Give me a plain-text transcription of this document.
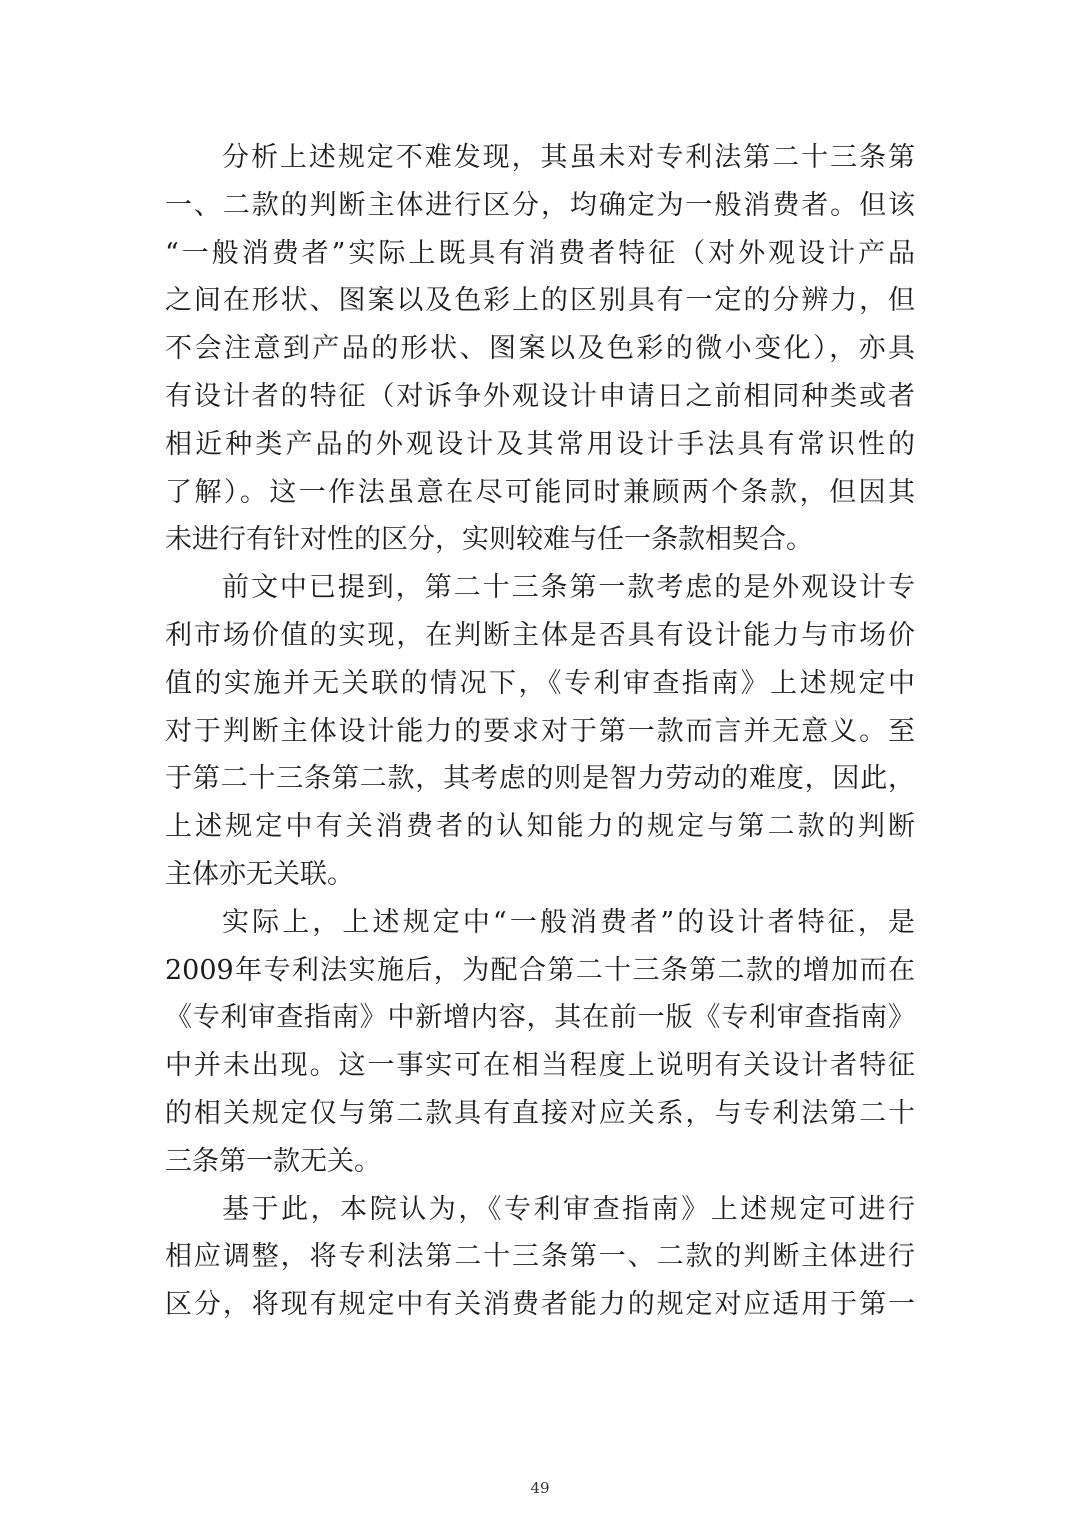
分析上述规定不难发现，其虽未对专利法第二十三条第
一、二款的判断主体进行区分，均确定为一般消费者。但该
“一般消费者”实际上既具有消费者特征（对外观设计产品
之间在形状、图案以及色彩上的区别具有一定的分辨力，但
不会注意到产品的形状、图案以及色彩的微小变化），亦具
有设计者的特征（对诉争外观设计申请日之前相同种类或者
相近种类产品的外观设计及其常用设计手法具有常识性的
了解）。这一作法虽意在尽可能同时兼顾两个条款，但因其
未进行有针对性的区分，实则较难与任一条款相契合。
前文中已提到，第二十三条第一款考虑的是外观设计专
利市场价值的实现，在判断主体是否具有设计能力与市场价
值的实施并无关联的情况下，《专利审查指南》上述规定中
对于判断主体设计能力的要求对于第一款而言并无意义。至
于第二十三条第二款，其考虑的则是智力劳动的难度，因此，
上述规定中有关消费者的认知能力的规定与第二款的判断
主体亦无关联。
实际上，上述规定中“一般消费者”的设计者特征，是
2009年专利法实施后，为配合第二十三条第二款的增加而在
《专利审查指南》中新增内容，其在前一版《专利审查指南》
中并未出现。这一事实可在相当程度上说明有关设计者特征
的相关规定仅与第二款具有直接对应关系，与专利法第二十
三条第一款无关。
基于此，本院认为，《专利审查指南》上述规定可进行
相应调整，将专利法第二十三条第一、二款的判断主体进行
区分，将现有规定中有关消费者能力的规定对应适用于第一
49
